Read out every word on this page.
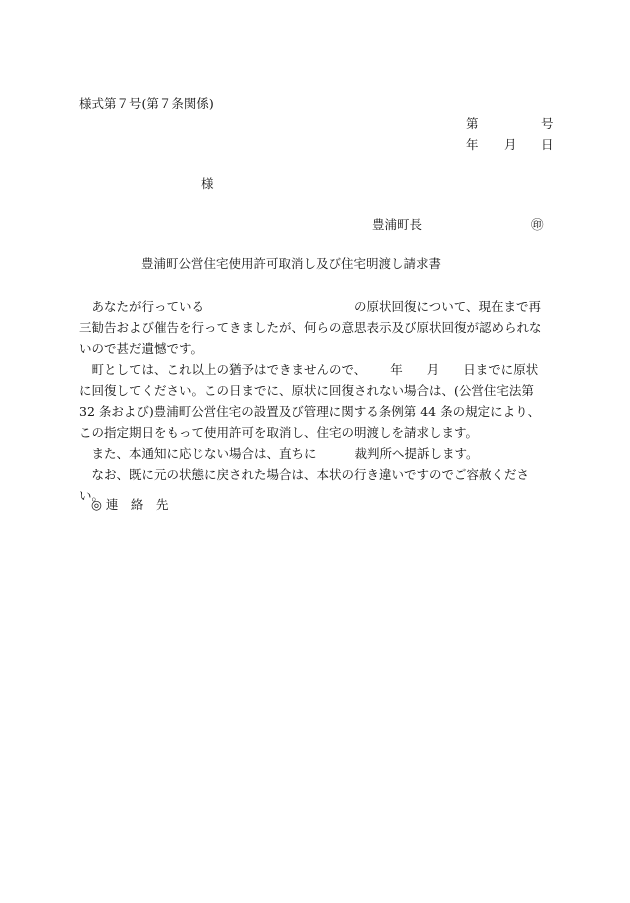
様式第７号(第７条関係)
第	号
年 月 日
様
豊浦町長	㊞
豊浦町公営住宅使用許可取消し及び住宅明渡し請求書

あなたが行っている	の原状回復について、現在まで再三勧告および催告を行ってきましたが、何らの意思表示及び原状回復が認められないので甚だ遺憾です。

町としては、これ以上の猶予はできませんので、 年 月 日までに原状に回復してください。この日までに、原状に回復されない場合は、(公営住宅法第 32 条および)豊浦町公営住宅の設置及び管理に関する条例第 44 条の規定により、この指定期日をもって使用許可を取消し、住宅の明渡しを請求します。

また、本通知に応じない場合は、直ちに	裁判所へ提訴します。

なお、既に元の状態に戻された場合は、本状の行き違いですのでご容赦ください。

◎ 連　絡　先
